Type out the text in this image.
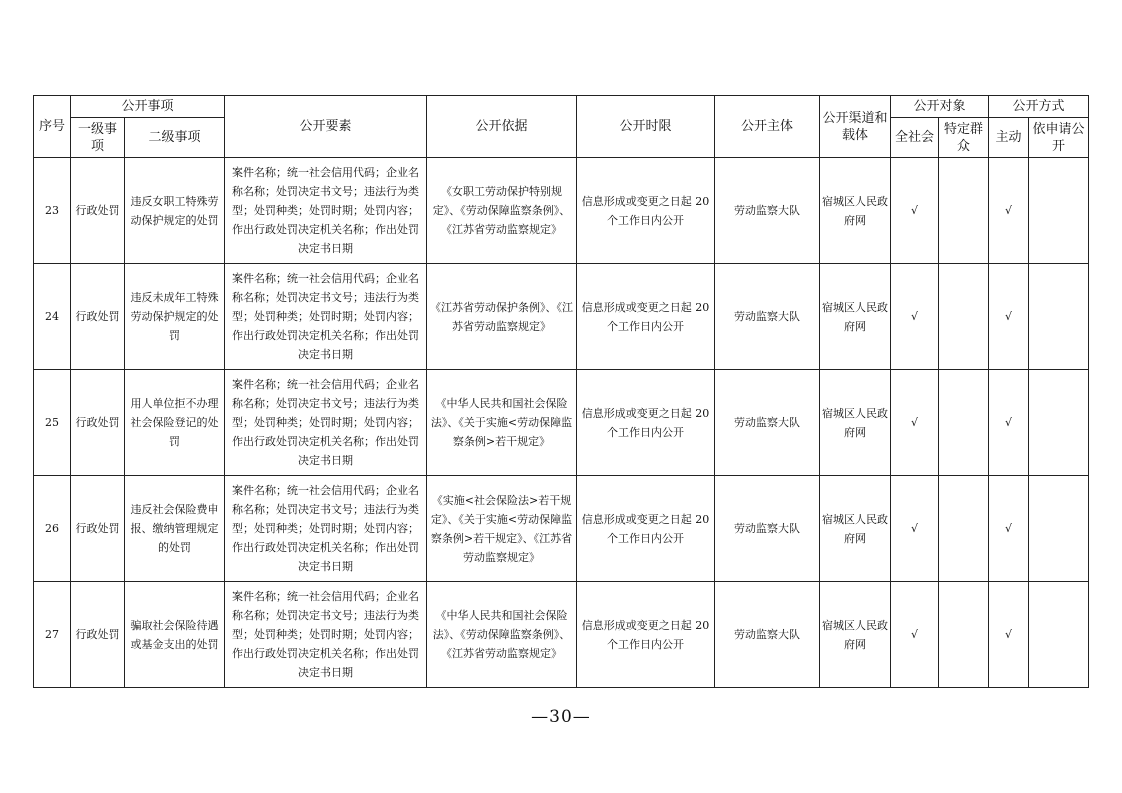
序号	公开事项		公开要素	公开依据	公开时限	公开主体	公开渠道和载体	公开对象		公开方式	
	一级事项	二级事项						全社会	特定群众	主动	依申请公开
23	行政处罚	违反女职工特殊劳动保护规定的处罚	案件名称；统一社会信用代码；企业名称名称；处罚决定书文号；违法行为类型；处罚种类；处罚时期；处罚内容；作出行政处罚决定机关名称；作出处罚决定书日期	《女职工劳动保护特别规定》、《劳动保障监察条例》、《江苏省劳动监察规定》	信息形成或变更之日起 20 个工作日内公开	劳动监察大队	宿城区人民政府网	√		√	
24	行政处罚	违反未成年工特殊劳动保护规定的处罚	案件名称；统一社会信用代码；企业名称名称；处罚决定书文号；违法行为类型；处罚种类；处罚时期；处罚内容；作出行政处罚决定机关名称；作出处罚决定书日期	《江苏省劳动保护条例》、《江苏省劳动监察规定》	信息形成或变更之日起 20 个工作日内公开	劳动监察大队	宿城区人民政府网	√		√	
25	行政处罚	用人单位拒不办理社会保险登记的处罚	案件名称；统一社会信用代码；企业名称名称；处罚决定书文号；违法行为类型；处罚种类；处罚时期；处罚内容；作出行政处罚决定机关名称；作出处罚决定书日期	《中华人民共和国社会保险法》、《关于实施<劳动保障监察条例>若干规定》	信息形成或变更之日起 20 个工作日内公开	劳动监察大队	宿城区人民政府网	√		√	
26	行政处罚	违反社会保险费申报、缴纳管理规定的处罚	案件名称；统一社会信用代码；企业名称名称；处罚决定书文号；违法行为类型；处罚种类；处罚时期；处罚内容；作出行政处罚决定机关名称；作出处罚决定书日期	《实施<社会保险法>若干规定》、《关于实施<劳动保障监察条例>若干规定》、《江苏省劳动监察规定》	信息形成或变更之日起 20 个工作日内公开	劳动监察大队	宿城区人民政府网	√		√	
27	行政处罚	骗取社会保险待遇或基金支出的处罚	案件名称；统一社会信用代码；企业名称名称；处罚决定书文号；违法行为类型；处罚种类；处罚时期；处罚内容；作出行政处罚决定机关名称；作出处罚决定书日期	《中华人民共和国社会保险法》、《劳动保障监察条例》、《江苏省劳动监察规定》	信息形成或变更之日起 20 个工作日内公开	劳动监察大队	宿城区人民政府网	√		√	
—30—
